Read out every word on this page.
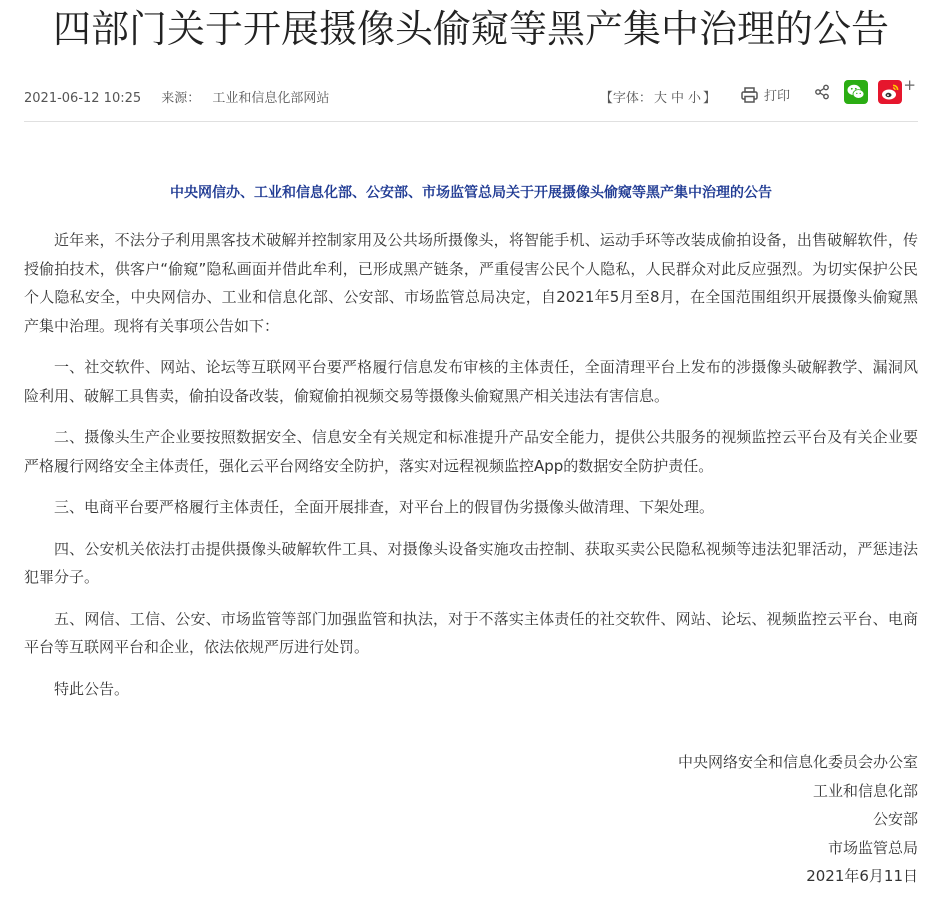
四部门关于开展摄像头偷窥等黑产集中治理的公告
2021-06-12 10:25 来源： 工业和信息化部网站	【字体： 大 中 小 】	打印
+
中央网信办、工业和信息化部、公安部、市场监管总局关于开展摄像头偷窥等黑产集中治理的公告

近年来，不法分子利用黑客技术破解并控制家用及公共场所摄像头，将智能手机、运动手环等改装成偷拍设备，出售破解软件，传授偷拍技术，供客户“偷窥”隐私画面并借此牟利，已形成黑产链条，严重侵害公民个人隐私，人民群众对此反应强烈。为切实保护公民个人隐私安全，中央网信办、工业和信息化部、公安部、市场监管总局决定，自2021年5月至8月，在全国范围组织开展摄像头偷窥黑产集中治理。现将有关事项公告如下：

一、社交软件、网站、论坛等互联网平台要严格履行信息发布审核的主体责任，全面清理平台上发布的涉摄像头破解教学、漏洞风险利用、破解工具售卖，偷拍设备改装，偷窥偷拍视频交易等摄像头偷窥黑产相关违法有害信息。

二、摄像头生产企业要按照数据安全、信息安全有关规定和标准提升产品安全能力，提供公共服务的视频监控云平台及有关企业要严格履行网络安全主体责任，强化云平台网络安全防护，落实对远程视频监控App的数据安全防护责任。

三、电商平台要严格履行主体责任，全面开展排查，对平台上的假冒伪劣摄像头做清理、下架处理。

四、公安机关依法打击提供摄像头破解软件工具、对摄像头设备实施攻击控制、获取买卖公民隐私视频等违法犯罪活动，严惩违法犯罪分子。

五、网信、工信、公安、市场监管等部门加强监管和执法，对于不落实主体责任的社交软件、网站、论坛、视频监控云平台、电商平台等互联网平台和企业，依法依规严厉进行处罚。

特此公告。

中央网络安全和信息化委员会办公室
工业和信息化部
公安部
市场监管总局
2021年6月11日
